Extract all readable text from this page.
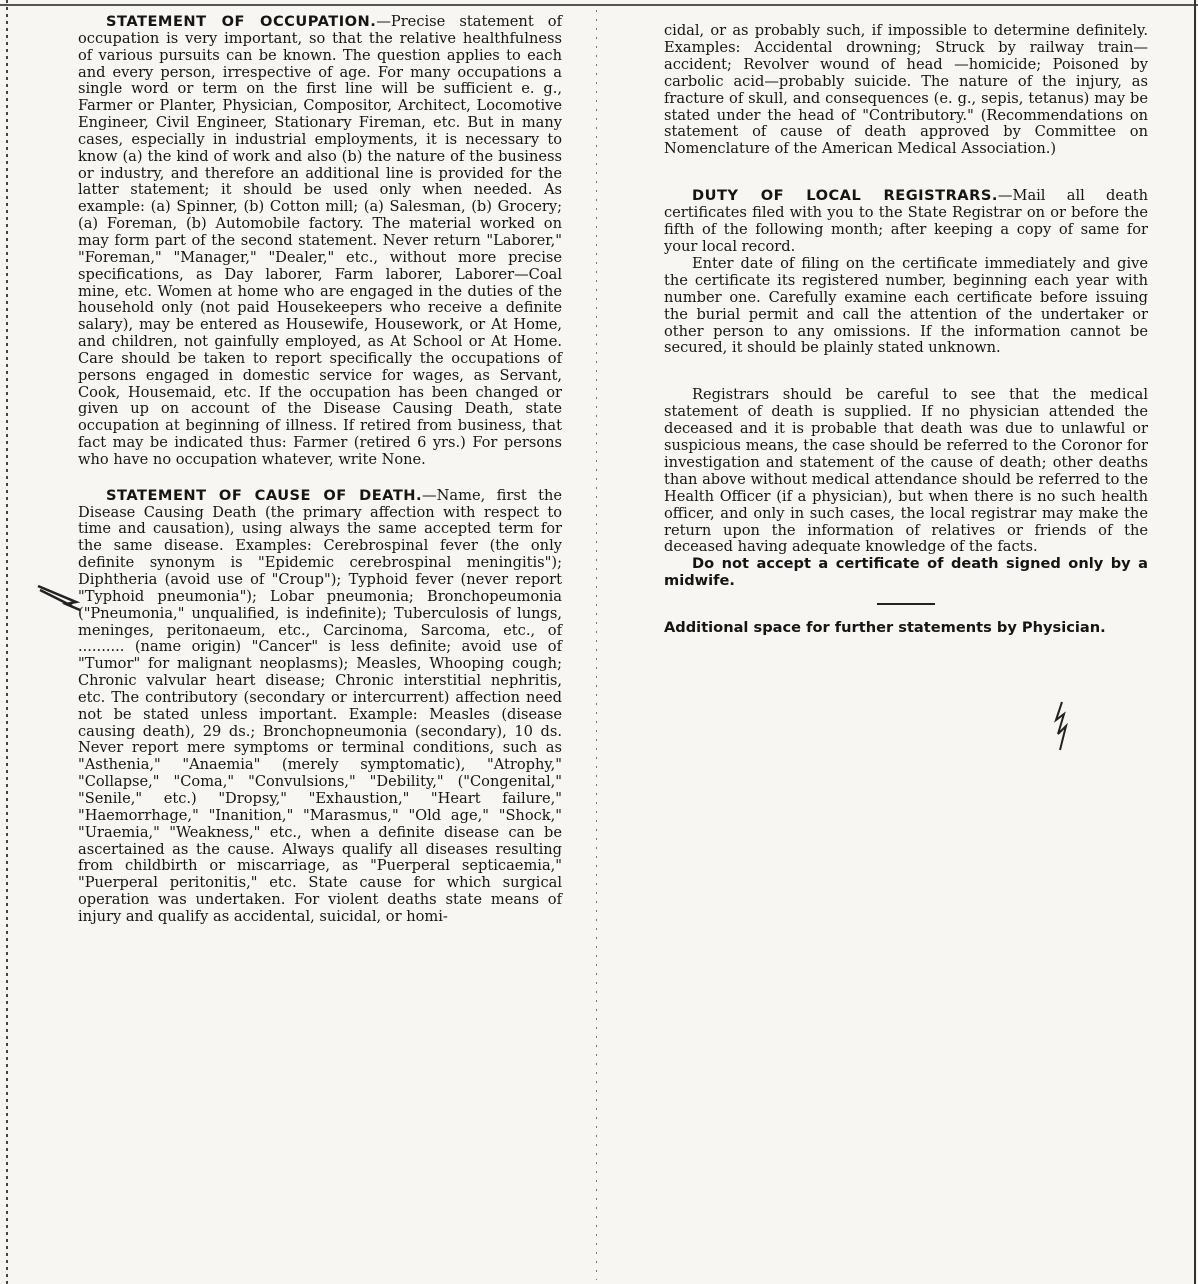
STATEMENT OF OCCUPATION.—Precise statement of occupation is very important, so that the relative healthfulness of various pursuits can be known. The question applies to each and every person, irrespective of age. For many occupations a single word or term on the first line will be sufficient e. g., Farmer or Planter, Physician, Compositor, Architect, Locomotive Engineer, Civil Engineer, Stationary Fireman, etc. But in many cases, especially in industrial employments, it is necessary to know (a) the kind of work and also (b) the nature of the business or industry, and therefore an additional line is provided for the latter statement; it should be used only when needed. As example: (a) Spinner, (b) Cotton mill; (a) Salesman, (b) Grocery; (a) Foreman, (b) Automobile factory. The material worked on may form part of the second statement. Never return "Laborer," "Foreman," "Manager," "Dealer," etc., without more precise specifications, as Day laborer, Farm laborer, Laborer—Coal mine, etc. Women at home who are engaged in the duties of the household only (not paid Housekeepers who receive a definite salary), may be entered as Housewife, Housework, or At Home, and children, not gainfully employed, as At School or At Home. Care should be taken to report specifically the occupations of persons engaged in domestic service for wages, as Servant, Cook, Housemaid, etc. If the occupation has been changed or given up on account of the Disease Causing Death, state occupation at beginning of illness. If retired from business, that fact may be indicated thus: Farmer (retired 6 yrs.) For persons who have no occupation whatever, write None.

STATEMENT OF CAUSE OF DEATH.—Name, first the Disease Causing Death (the primary affection with respect to time and causation), using always the same accepted term for the same disease. Examples: Cerebrospinal fever (the only definite synonym is "Epidemic cerebrospinal meningitis"); Diphtheria (avoid use of "Croup"); Typhoid fever (never report "Typhoid pneumonia"); Lobar pneumonia; Bronchopeumonia ("Pneumonia," unqualified, is indefinite); Tuberculosis of lungs, meninges, peritonaeum, etc., Carcinoma, Sarcoma, etc., of .......... (name origin) "Cancer" is less definite; avoid use of "Tumor" for malignant neoplasms); Measles, Whooping cough; Chronic valvular heart disease; Chronic interstitial nephritis, etc. The contributory (secondary or intercurrent) affection need not be stated unless important. Example: Measles (disease causing death), 29 ds.; Bronchopneumonia (secondary), 10 ds. Never report mere symptoms or terminal conditions, such as "Asthenia," "Anaemia" (merely symptomatic), "Atrophy," "Collapse," "Coma," "Convulsions," "Debility," ("Congenital," "Senile," etc.) "Dropsy," "Exhaustion," "Heart failure," "Haemorrhage," "Inanition," "Marasmus," "Old age," "Shock," "Uraemia," "Weakness," etc., when a definite disease can be ascertained as the cause. Always qualify all diseases resulting from childbirth or miscarriage, as "Puerperal septicaemia," "Puerperal peritonitis," etc. State cause for which surgical operation was undertaken. For violent deaths state means of injury and qualify as accidental, suicidal, or homi-

cidal, or as probably such, if impossible to determine definitely. Examples: Accidental drowning; Struck by railway train—accident; Revolver wound of head —homicide; Poisoned by carbolic acid—probably suicide. The nature of the injury, as fracture of skull, and consequences (e. g., sepis, tetanus) may be stated under the head of "Contributory." (Recommendations on statement of cause of death approved by Committee on Nomenclature of the American Medical Association.)

DUTY OF LOCAL REGISTRARS.—Mail all death certificates filed with you to the State Registrar on or before the fifth of the following month; after keeping a copy of same for your local record.

Enter date of filing on the certificate immediately and give the certificate its registered number, beginning each year with number one. Carefully examine each certificate before issuing the burial permit and call the attention of the undertaker or other person to any omissions. If the information cannot be secured, it should be plainly stated unknown.

Registrars should be careful to see that the medical statement of death is supplied. If no physician attended the deceased and it is probable that death was due to unlawful or suspicious means, the case should be referred to the Coronor for investigation and statement of the cause of death; other deaths than above without medical attendance should be referred to the Health Officer (if a physician), but when there is no such health officer, and only in such cases, the local registrar may make the return upon the information of relatives or friends of the deceased having adequate knowledge of the facts.

Do not accept a certificate of death signed only by a midwife.

Additional space for further statements by Physician.
